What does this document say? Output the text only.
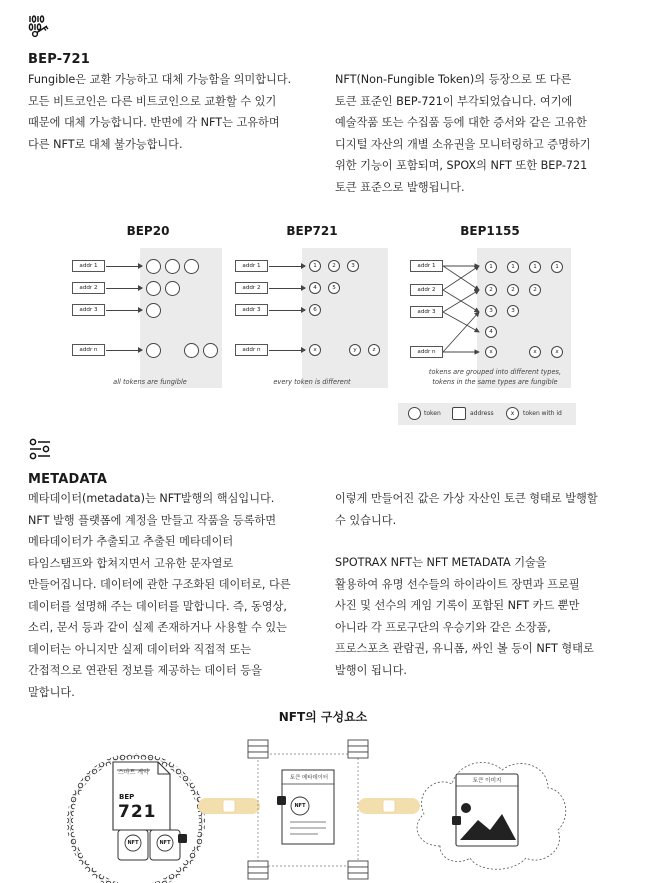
BEP-721
Fungible은 교환 가능하고 대체 가능함을 의미합니다.
모든 비트코인은 다른 비트코인으로 교환할 수 있기
때문에 대체 가능합니다. 반면에 각 NFT는 고유하며
다른 NFT로 대체 불가능합니다.
NFT(Non-Fungible Token)의 등장으로 또 다른
토큰 표준인 BEP-721이 부각되었습니다. 여기에
예술작품 또는 수집품 등에 대한 증서와 같은 고유한
디지털 자산의 개별 소유권을 모니터링하고 증명하기
위한 기능이 포함되며, SPOX의 NFT 또한 BEP-721
토큰 표준으로 발행됩니다.
BEP20
addr 1
addr 2
addr 3
addr n
all tokens are fungible
BEP721
addr 1
addr 2
addr 3
addr n
1	2	3
4	5
6
x	y	z
every token is different
BEP1155
addr 1
addr 2
addr 3
addr n
1	1	1	1
2	2	2
3	3
4
x	x	x
tokens are grouped into different types,
tokens in the same types are fungible
token	address	x	token with id
METADATA
메타데이터(metadata)는 NFT발행의 핵심입니다.
NFT 발행 플랫폼에 계정을 만들고 작품을 등록하면
메타데이터가 추출되고 추출된 메타데이터
타임스탬프와 합쳐지면서 고유한 문자열로
만들어집니다. 데이터에 관한 구조화된 데이터로, 다른
데이터를 설명해 주는 데이터를 말합니다. 즉, 동영상,
소리, 문서 등과 같이 실제 존재하거나 사용할 수 있는
데이터는 아니지만 실제 데이터와 직접적 또는
간접적으로 연관된 정보를 제공하는 데이터 등을
말합니다.
이렇게 만들어진 값은 가상 자산인 토큰 형태로 발행할
수 있습니다.
SPOTRAX NFT는 NFT METADATA 기술을
활용하여 유명 선수들의 하이라이트 장면과 프로필
사진 및 선수의 게임 기록이 포함된 NFT 카드 뿐만
아니라 각 프로구단의 우승기와 같은 소장품,
프로스포츠 관람권, 유니폼, 싸인 볼 등이 NFT 형태로
발행이 됩니다.
NFT의 구성요소
스마트 계약
BEP
721
NFT	NFT
토큰 메타데이터
NFT
토큰 이미지
